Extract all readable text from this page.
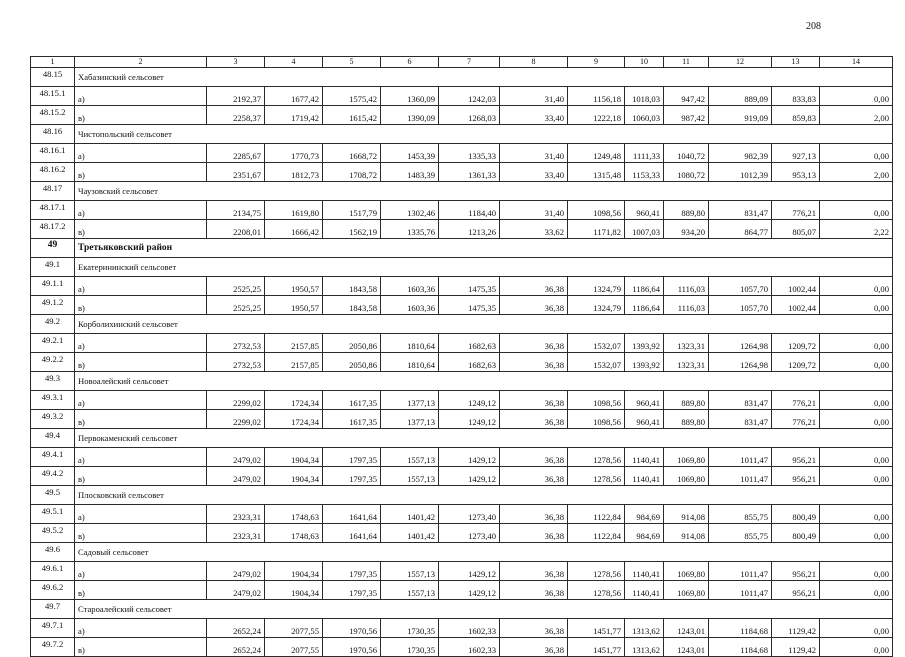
208
1	2	3	4	5	6	7	8	9	10	11	12	13	14
48.15	Хабазинский сельсовет												
48.15.1	а)	2192,37	1677,42	1575,42	1360,09	1242,03	31,40	1156,18	1018,03	947,42	889,09	833,83	0,00
48.15.2	в)	2258,37	1719,42	1615,42	1390,09	1268,03	33,40	1222,18	1060,03	987,42	919,09	859,83	2,00
48.16	Чистопольский сельсовет												
48.16.1	а)	2285,67	1770,73	1668,72	1453,39	1335,33	31,40	1249,48	1111,33	1040,72	982,39	927,13	0,00
48.16.2	в)	2351,67	1812,73	1708,72	1483,39	1361,33	33,40	1315,48	1153,33	1080,72	1012,39	953,13	2,00
48.17	Чаузовский сельсовет												
48.17.1	а)	2134,75	1619,80	1517,79	1302,46	1184,40	31,40	1098,56	960,41	889,80	831,47	776,21	0,00
48.17.2	в)	2208,01	1666,42	1562,19	1335,76	1213,26	33,62	1171,82	1007,03	934,20	864,77	805,07	2,22
49	Третьяковский район												
49.1	Екатерининский сельсовет												
49.1.1	а)	2525,25	1950,57	1843,58	1603,36	1475,35	36,38	1324,79	1186,64	1116,03	1057,70	1002,44	0,00
49.1.2	в)	2525,25	1950,57	1843,58	1603,36	1475,35	36,38	1324,79	1186,64	1116,03	1057,70	1002,44	0,00
49.2	Корболихинский сельсовет												
49.2.1	а)	2732,53	2157,85	2050,86	1810,64	1682,63	36,38	1532,07	1393,92	1323,31	1264,98	1209,72	0,00
49.2.2	в)	2732,53	2157,85	2050,86	1810,64	1682,63	36,38	1532,07	1393,92	1323,31	1264,98	1209,72	0,00
49.3	Новоалейский сельсовет												
49.3.1	а)	2299,02	1724,34	1617,35	1377,13	1249,12	36,38	1098,56	960,41	889,80	831,47	776,21	0,00
49.3.2	в)	2299,02	1724,34	1617,35	1377,13	1249,12	36,38	1098,56	960,41	889,80	831,47	776,21	0,00
49.4	Первокаменский сельсовет												
49.4.1	а)	2479,02	1904,34	1797,35	1557,13	1429,12	36,38	1278,56	1140,41	1069,80	1011,47	956,21	0,00
49.4.2	в)	2479,02	1904,34	1797,35	1557,13	1429,12	36,38	1278,56	1140,41	1069,80	1011,47	956,21	0,00
49.5	Плосковский сельсовет												
49.5.1	а)	2323,31	1748,63	1641,64	1401,42	1273,40	36,38	1122,84	984,69	914,08	855,75	800,49	0,00
49.5.2	в)	2323,31	1748,63	1641,64	1401,42	1273,40	36,38	1122,84	984,69	914,08	855,75	800,49	0,00
49.6	Садовый сельсовет												
49.6.1	а)	2479,02	1904,34	1797,35	1557,13	1429,12	36,38	1278,56	1140,41	1069,80	1011,47	956,21	0,00
49.6.2	в)	2479,02	1904,34	1797,35	1557,13	1429,12	36,38	1278,56	1140,41	1069,80	1011,47	956,21	0,00
49.7	Староалейский сельсовет												
49.7.1	а)	2652,24	2077,55	1970,56	1730,35	1602,33	36,38	1451,77	1313,62	1243,01	1184,68	1129,42	0,00
49.7.2	в)	2652,24	2077,55	1970,56	1730,35	1602,33	36,38	1451,77	1313,62	1243,01	1184,68	1129,42	0,00
